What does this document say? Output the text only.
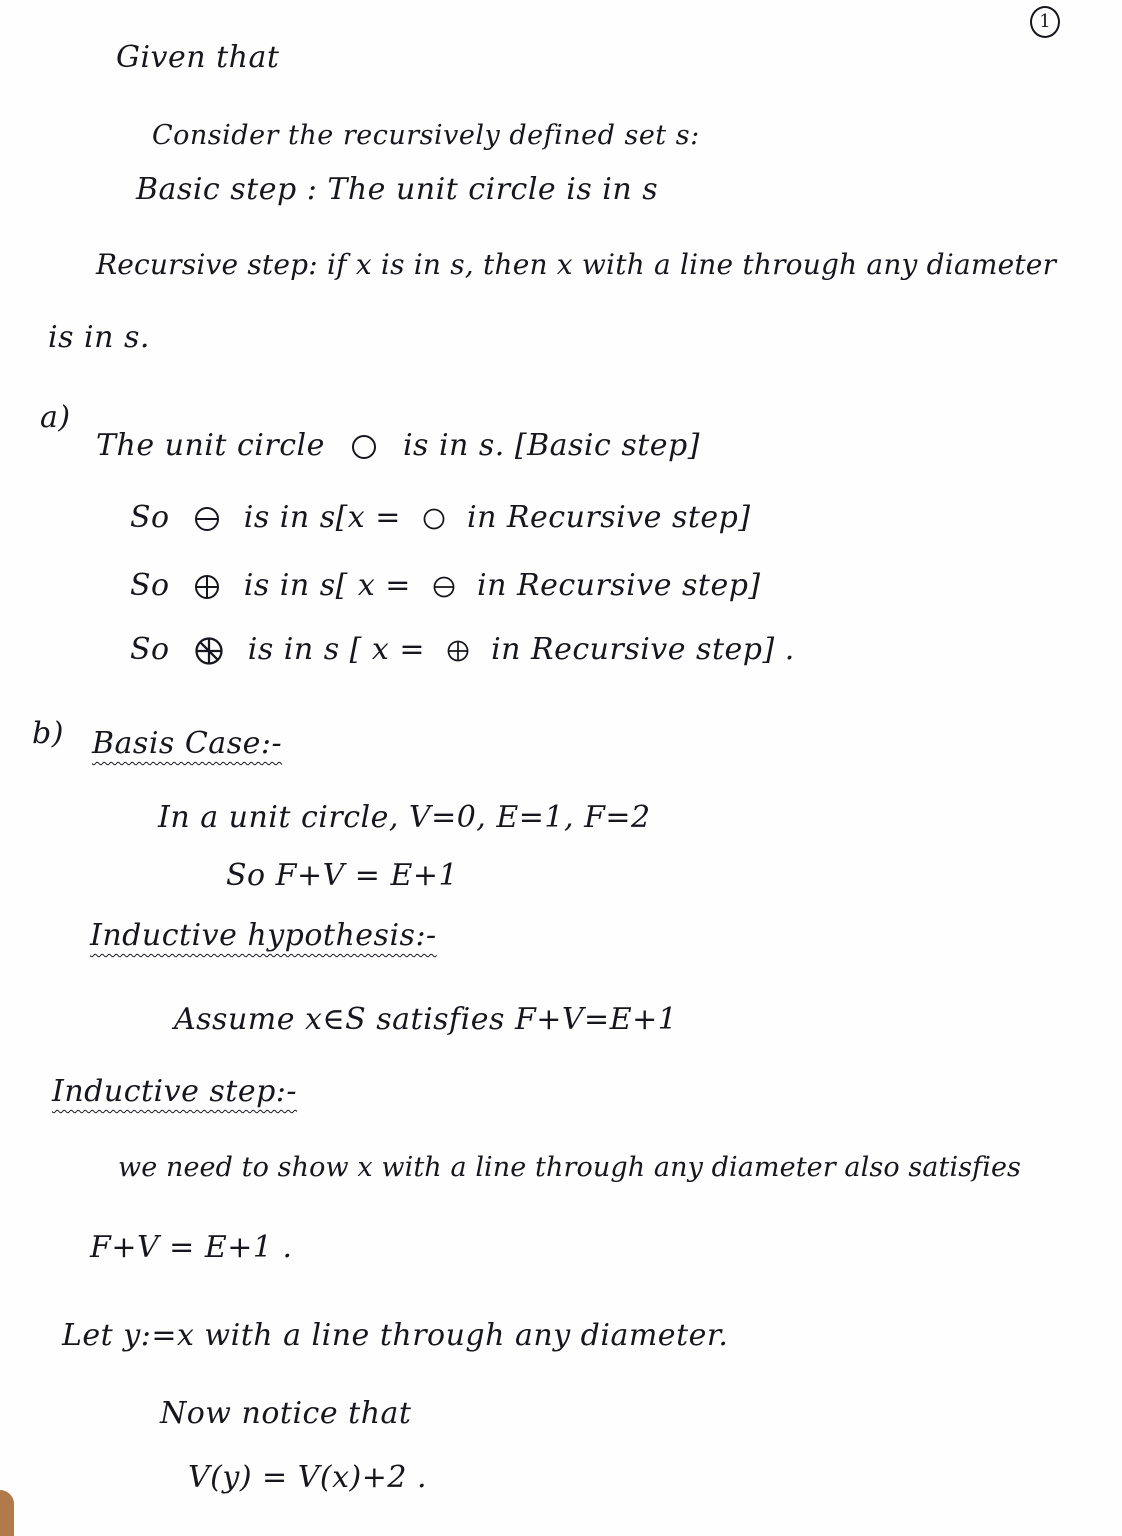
1
Given that
Consider the recursively defined set s:
Basic step : The unit circle is in s
Recursive step: if x is in s, then x with a line through any diameter
is in s.
a)
The unit circle	is in s. [Basic step]
So is in s[x = in Recursive step]
So is in s[ x = in Recursive step]
So	is in s [ x = in Recursive step] .
b) Basis Case:-
In a unit circle, V=0, E=1, F=2
So F+V = E+1
Inductive hypothesis:-
Assume x∈S satisfies F+V=E+1
Inductive step:-
we need to show x with a line through any diameter also satisfies
F+V = E+1 .
Let y:=x with a line through any diameter.
Now notice that
V(y) = V(x)+2 .
